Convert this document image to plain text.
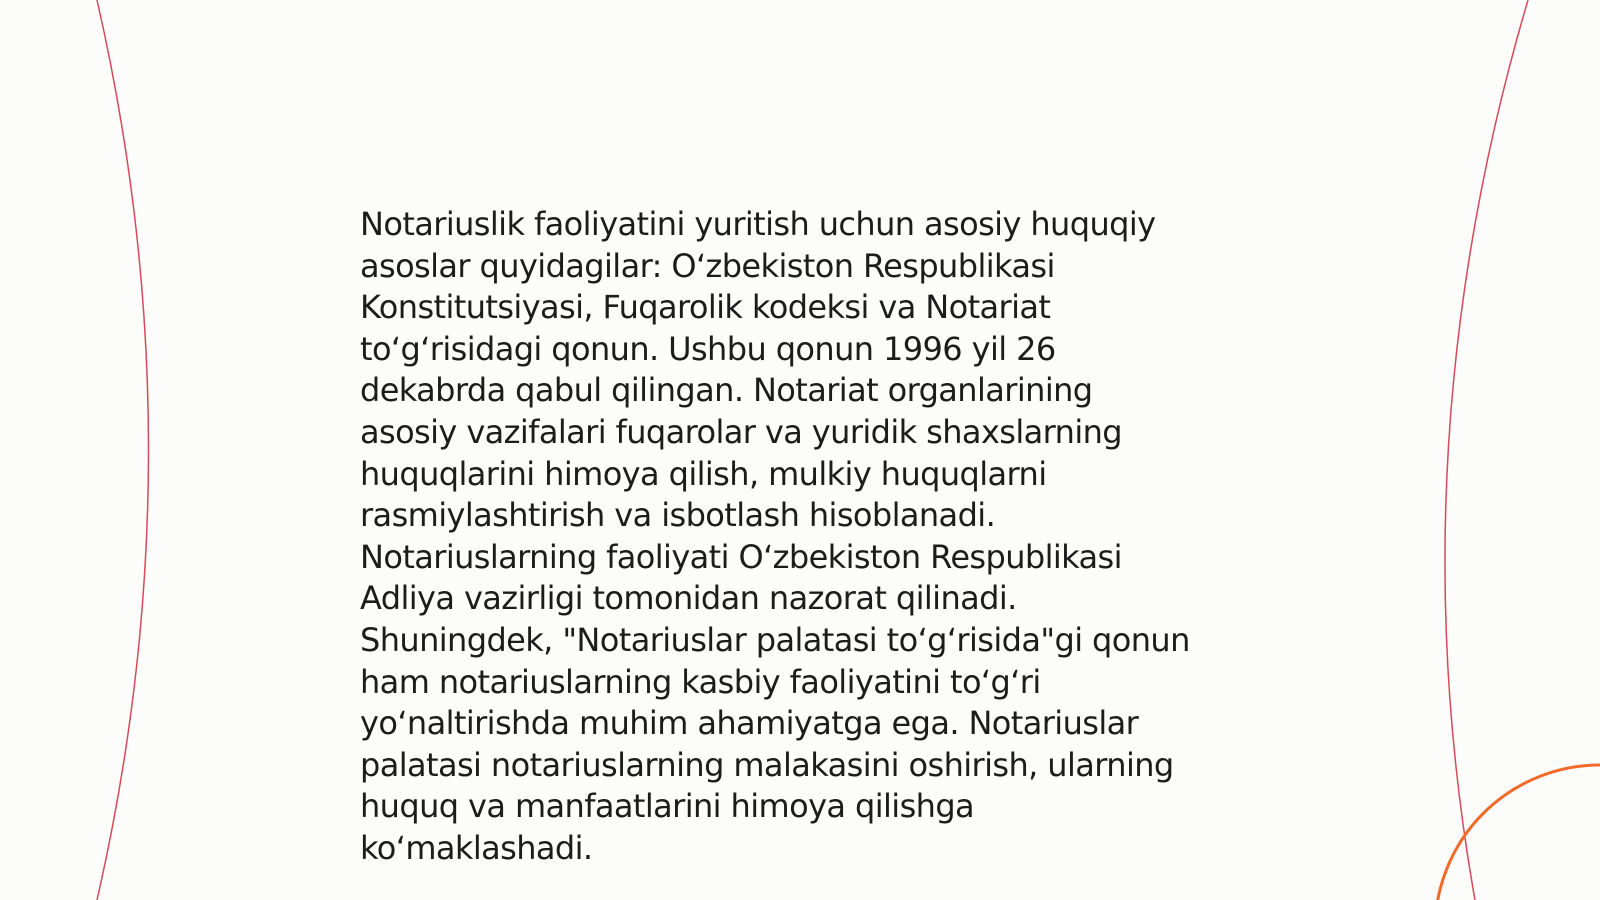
Notariuslik faoliyatini yuritish uchun asosiy huquqiy
asoslar quyidagilar: O‘zbekiston Respublikasi
Konstitutsiyasi, Fuqarolik kodeksi va Notariat
to‘g‘risidagi qonun. Ushbu qonun 1996 yil 26
dekabrda qabul qilingan. Notariat organlarining
asosiy vazifalari fuqarolar va yuridik shaxslarning
huquqlarini himoya qilish, mulkiy huquqlarni
rasmiylashtirish va isbotlash hisoblanadi.
Notariuslarning faoliyati O‘zbekiston Respublikasi
Adliya vazirligi tomonidan nazorat qilinadi.
Shuningdek, "Notariuslar palatasi to‘g‘risida"gi qonun
ham notariuslarning kasbiy faoliyatini to‘g‘ri
yo‘naltirishda muhim ahamiyatga ega. Notariuslar
palatasi notariuslarning malakasini oshirish, ularning
huquq va manfaatlarini himoya qilishga
ko‘maklashadi.
